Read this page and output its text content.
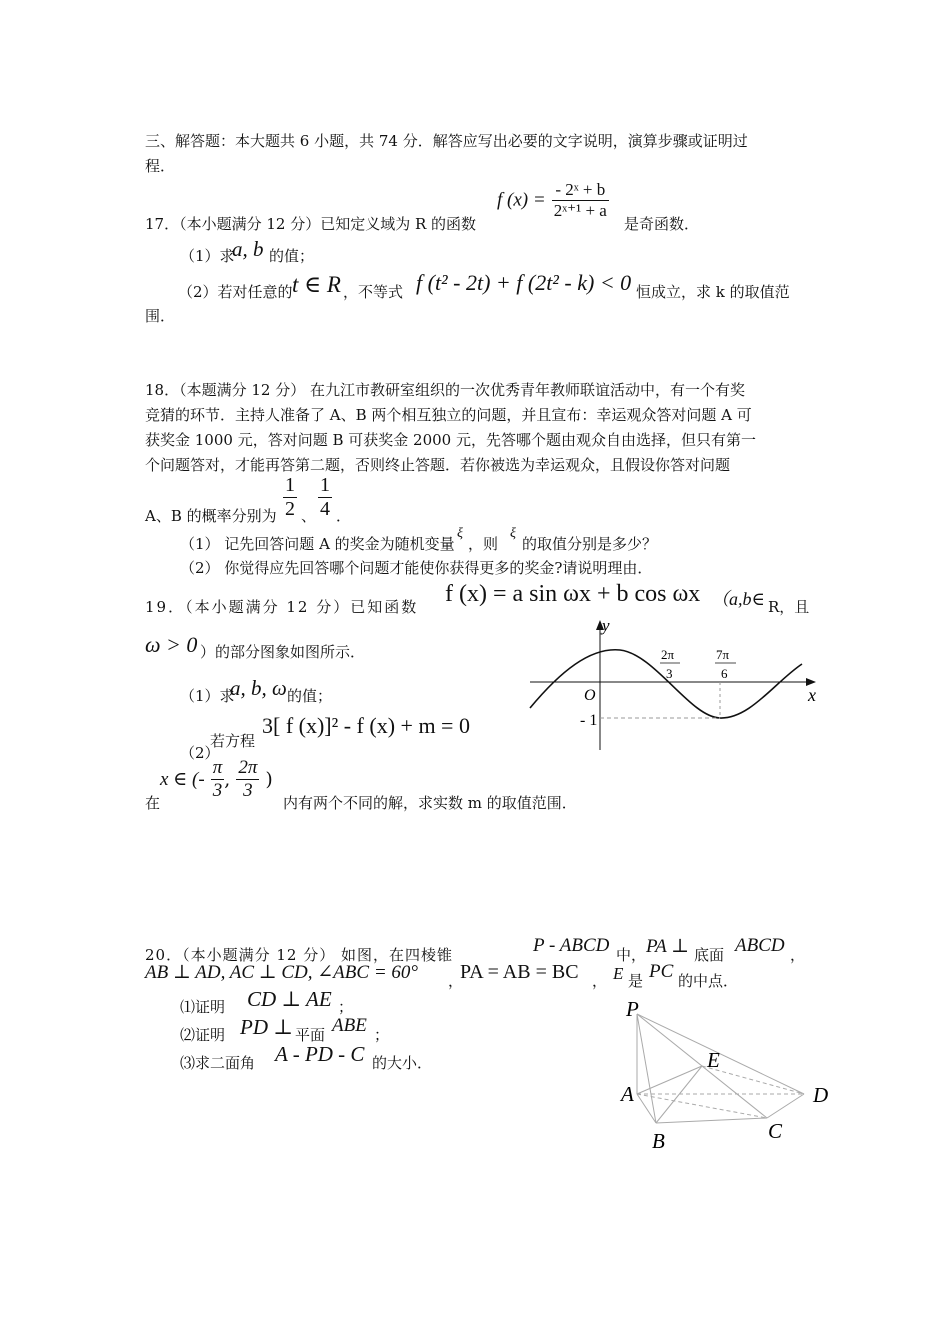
三、解答题：本大题共 6 小题，共 74 分．解答应写出必要的文字说明，演算步骤或证明过
程．
17．（本小题满分 12 分）已知定义域为 R 的函数
f $(x) = \frac{\text{- 2ˣ + b}}{\text{2ˣ⁺¹ + a}}$
是奇函数．
（1）求
a, b 的值；
（2）若对任意的 t ∈ R ，不等式 f (t² - 2t) + f (2t² - k) < 0 恒成立，求 k 的取值范
围．
18．（本题满分 12 分） 在九江市教研室组织的一次优秀青年教师联谊活动中，有一个有奖
竞猜的环节．主持人准备了 A、B 两个相互独立的问题，并且宣布：幸运观众答对问题 A 可
获奖金 1000 元，答对问题 B 可获奖金 2000 元，先答哪个题由观众自由选择，但只有第一
个问题答对，才能再答第二题，否则终止答题．若你被选为幸运观众，且假设你答对问题
A、B 的概率分别为 $\frac{1}{2}$ 、 $\frac{1}{4}$ ．
（1） 记先回答问题 A 的奖金为随机变量
ξ
，则
ξ
的取值分别是多少？
（2） 你觉得应先回答哪个问题才能使你获得更多的奖金?请说明理由．
19．（本小题满分 12 分）已知函数 f (x) = a sin ωx + b cos ωx （a,b∈ R，且
ω > 0 ）的部分图象如图所示．
（1）求
a, b, ω 的值；
（2）
若方程
3[ f (x)]² - f (x) + m = 0
在
x ∈ (- $\frac{\pi}{3}$ , $\frac{2\pi}{3}$ )
内有两个不同的解，求实数 m 的取值范围．
y
x
O
2π
3
7π
6
- 1
20．（本小题满分 12 分） 如图，在四棱锥	P - ABCD 中， PA ⊥ 底面 ABCD ，
AB ⊥ AD, AC ⊥ CD, ∠ABC = 60° ，
PA = AB = BC ， E 是 PC 的中点．
⑴证明 CD ⊥ AE ；
⑵证明 PD ⊥ 平面 ABE ；
⑶求二面角 A - PD - C 的大小．
P
E
A	D
B	C
